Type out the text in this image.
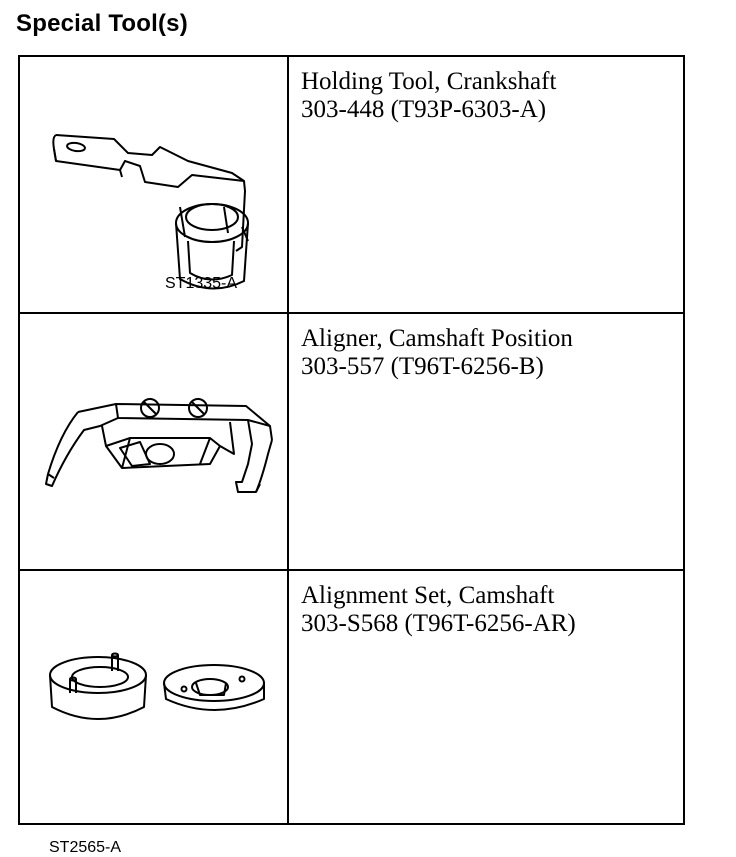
Special Tool(s)
ST1335-A
Holding Tool, Crankshaft
303-448 (T93P-6303-A)
Aligner, Camshaft Position
303-557 (T96T-6256-B)
ST2565-A
Alignment Set, Camshaft
303-S568 (T96T-6256-AR)
